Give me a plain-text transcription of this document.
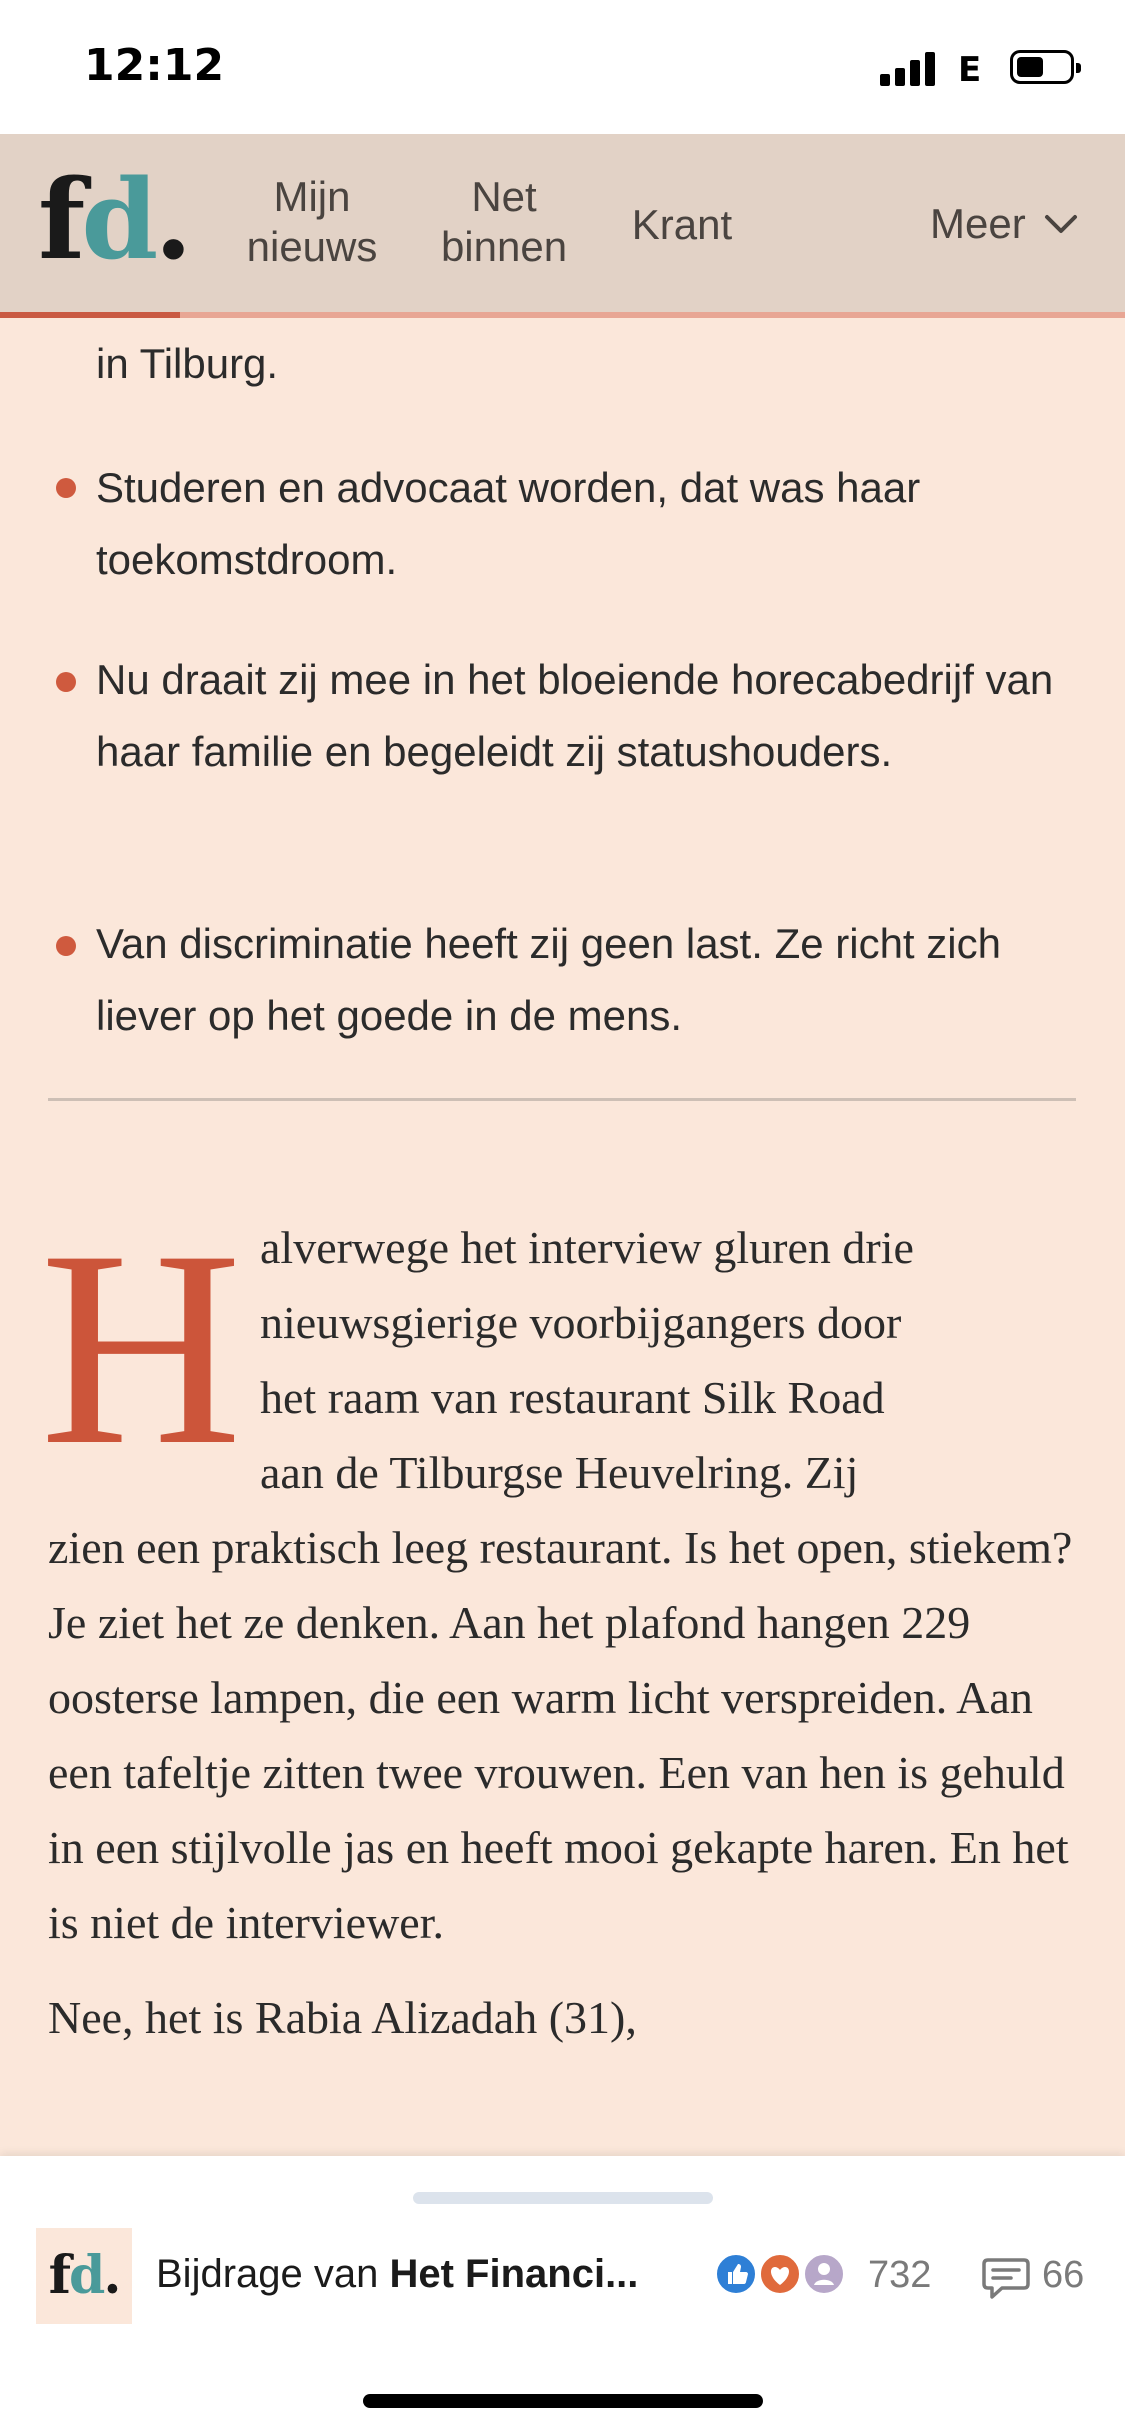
12:12	E
fd.	Mijn
nieuws
Net
binnen	Krant	Meer
in Tilburg.
Studeren en advocaat worden, dat was haar toekomstdroom.
Nu draait zij mee in het bloeiende horecabedrijf van haar familie en begeleidt zij statushouders.
Van discriminatie heeft zij geen last. Ze richt zich liever op het goede in de mens.
H alverwege het interview gluren drie
nieuwsgierige voorbijgangers door
het raam van restaurant Silk Road
aan de Tilburgse Heuvelring. Zij
zien een praktisch leeg restaurant. Is het open, stiekem? Je ziet het ze denken. Aan het plafond hangen 229 oosterse lampen, die een warm licht verspreiden. Aan een tafeltje zitten twee vrouwen. Een van hen is gehuld in een stijlvolle jas en heeft mooi gekapte haren. En het is niet de interviewer.
Nee, het is Rabia Alizadah (31),
fd. Bijdrage van Het Financi...	732	66
